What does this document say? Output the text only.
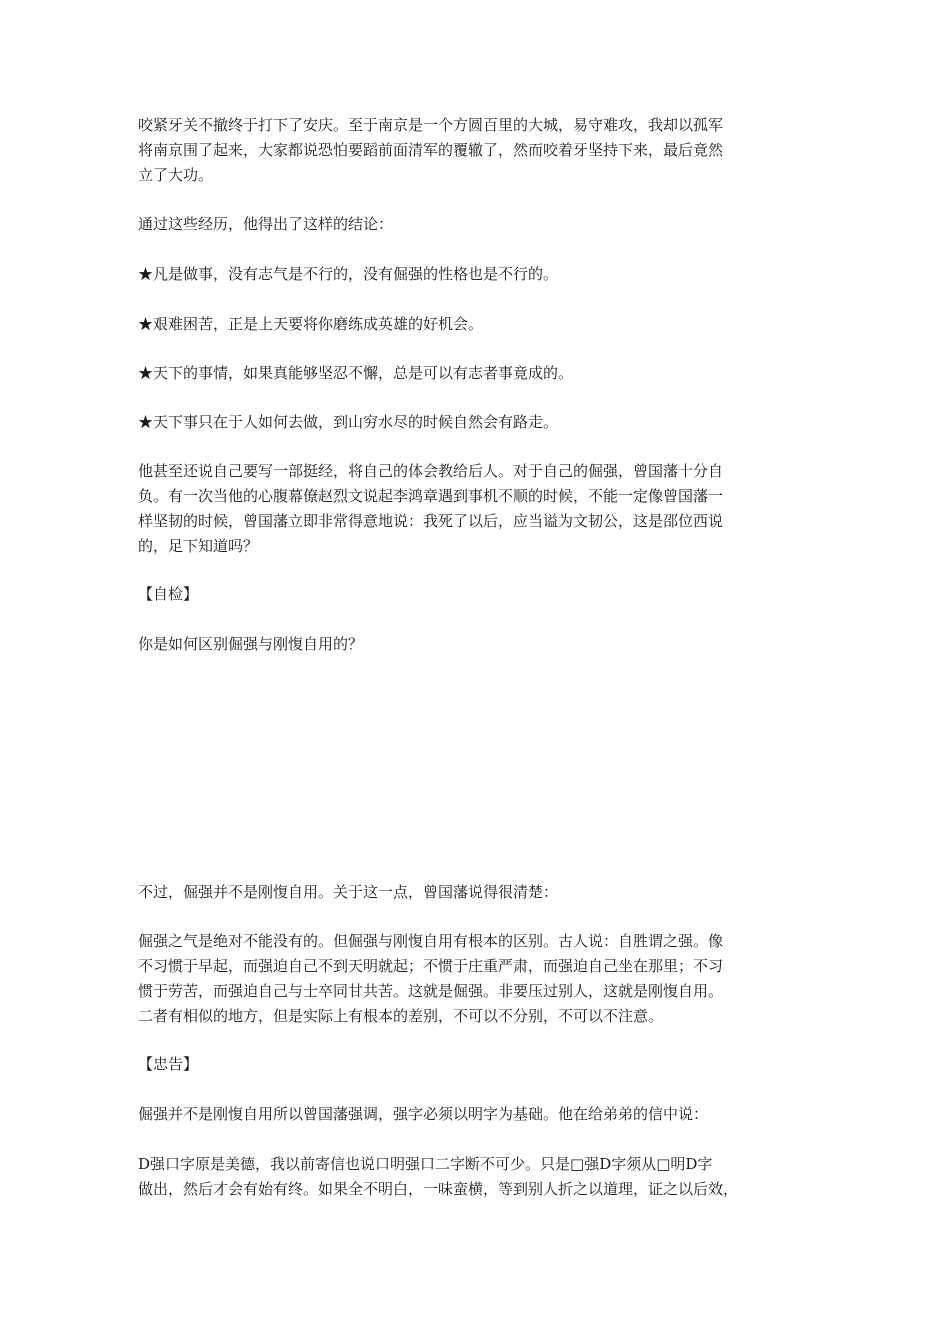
咬紧牙关不撤终于打下了安庆。至于南京是一个方圆百里的大城，易守难攻，我却以孤军
将南京围了起来，大家都说恐怕要蹈前面清军的覆辙了，然而咬着牙坚持下来，最后竟然
立了大功。

通过这些经历，他得出了这样的结论：

★凡是做事，没有志气是不行的，没有倔强的性格也是不行的。

★艰难困苦，正是上天要将你磨练成英雄的好机会。

★天下的事情，如果真能够坚忍不懈，总是可以有志者事竟成的。

★天下事只在于人如何去做，到山穷水尽的时候自然会有路走。

他甚至还说自己要写一部挺经，将自己的体会教给后人。对于自己的倔强，曾国藩十分自
负。有一次当他的心腹幕僚赵烈文说起李鸿章遇到事机不顺的时候，不能一定像曾国藩一
样坚韧的时候，曾国藩立即非常得意地说：我死了以后，应当谥为文韧公，这是邵位西说
的，足下知道吗？

【自检】

你是如何区别倔强与刚愎自用的？

不过，倔强并不是刚愎自用。关于这一点，曾国藩说得很清楚：

倔强之气是绝对不能没有的。但倔强与刚愎自用有根本的区别。古人说：自胜谓之强。像
不习惯于早起，而强迫自己不到天明就起；不惯于庄重严肃，而强迫自己坐在那里；不习
惯于劳苦，而强迫自己与士卒同甘共苦。这就是倔强。非要压过别人，这就是刚愎自用。
二者有相似的地方，但是实际上有根本的差别，不可以不分别，不可以不注意。

【忠告】

倔强并不是刚愎自用所以曾国藩强调，强字必须以明字为基础。他在给弟弟的信中说：

D强口字原是美德，我以前寄信也说口明强口二字断不可少。只是□强D字须从□明D字
做出，然后才会有始有终。如果全不明白，一味蛮横，等到别人折之以道理，证之以后效，
